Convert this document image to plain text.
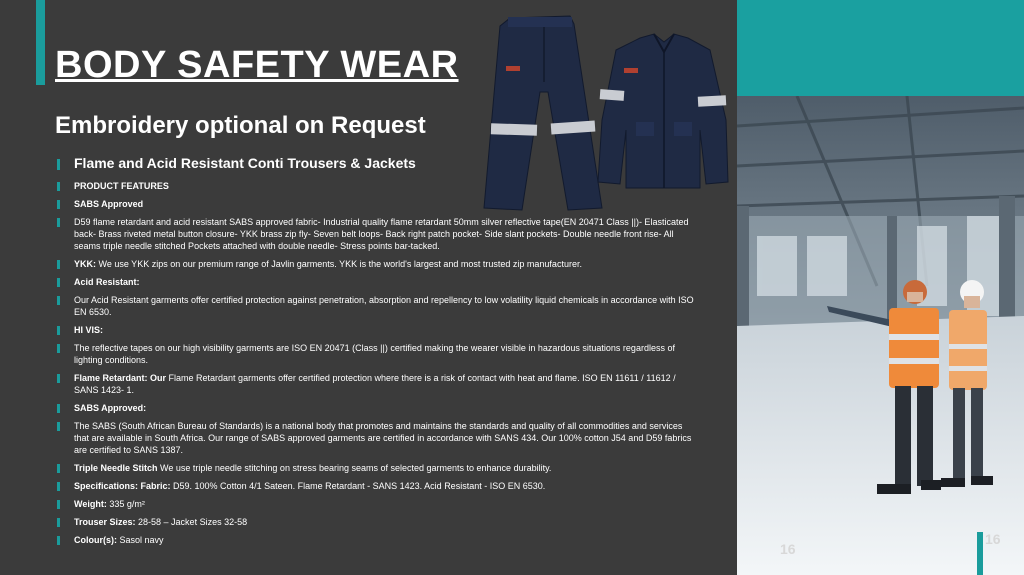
BODY SAFETY WEAR
Embroidery optional on Request
Flame and Acid Resistant Conti Trousers & Jackets
PRODUCT FEATURES
SABS Approved
D59 flame retardant and acid resistant SABS approved fabric- Industrial quality flame retardant 50mm silver reflective tape(EN 20471 Class ||)- Elasticated back- Brass riveted metal button closure- YKK brass zip fly- Seven belt loops- Back right patch pocket- Side slant pockets- Double needle front rise- All seams triple needle stitched Pockets attached with double needle- Stress points bar-tacked.
YKK: We use YKK zips on our premium range of Javlin garments. YKK is the world's largest and most trusted zip manufacturer.
Acid Resistant:
Our Acid Resistant garments offer certified protection against penetration, absorption and repellency to low volatility liquid chemicals in accordance with ISO EN 6530.
HI VIS:
The reflective tapes on our high visibility garments are ISO EN 20471 (Class ||) certified making the wearer visible in hazardous situations regardless of lighting conditions.
Flame Retardant: Our Flame Retardant garments offer certified protection where there is a risk of contact with heat and flame. ISO EN 11611 / 11612 / SANS 1423- 1.
SABS Approved:
The SABS (South African Bureau of Standards) is a national body that promotes and maintains the standards and quality of all commodities and services that are available in South Africa. Our range of SABS approved garments are certified in accordance with SANS 434. Our 100% cotton J54 and D59 fabrics are certified to SANS 1387.
Triple Needle Stitch We use triple needle stitching on stress bearing seams of selected garments to enhance durability.
Specifications: Fabric: D59. 100% Cotton 4/1 Sateen. Flame Retardant - SANS 1423. Acid Resistant - ISO EN 6530.
Weight: 335 g/m²
Trouser Sizes: 28-58 – Jacket Sizes 32-58
Colour(s): Sasol navy
16
16
